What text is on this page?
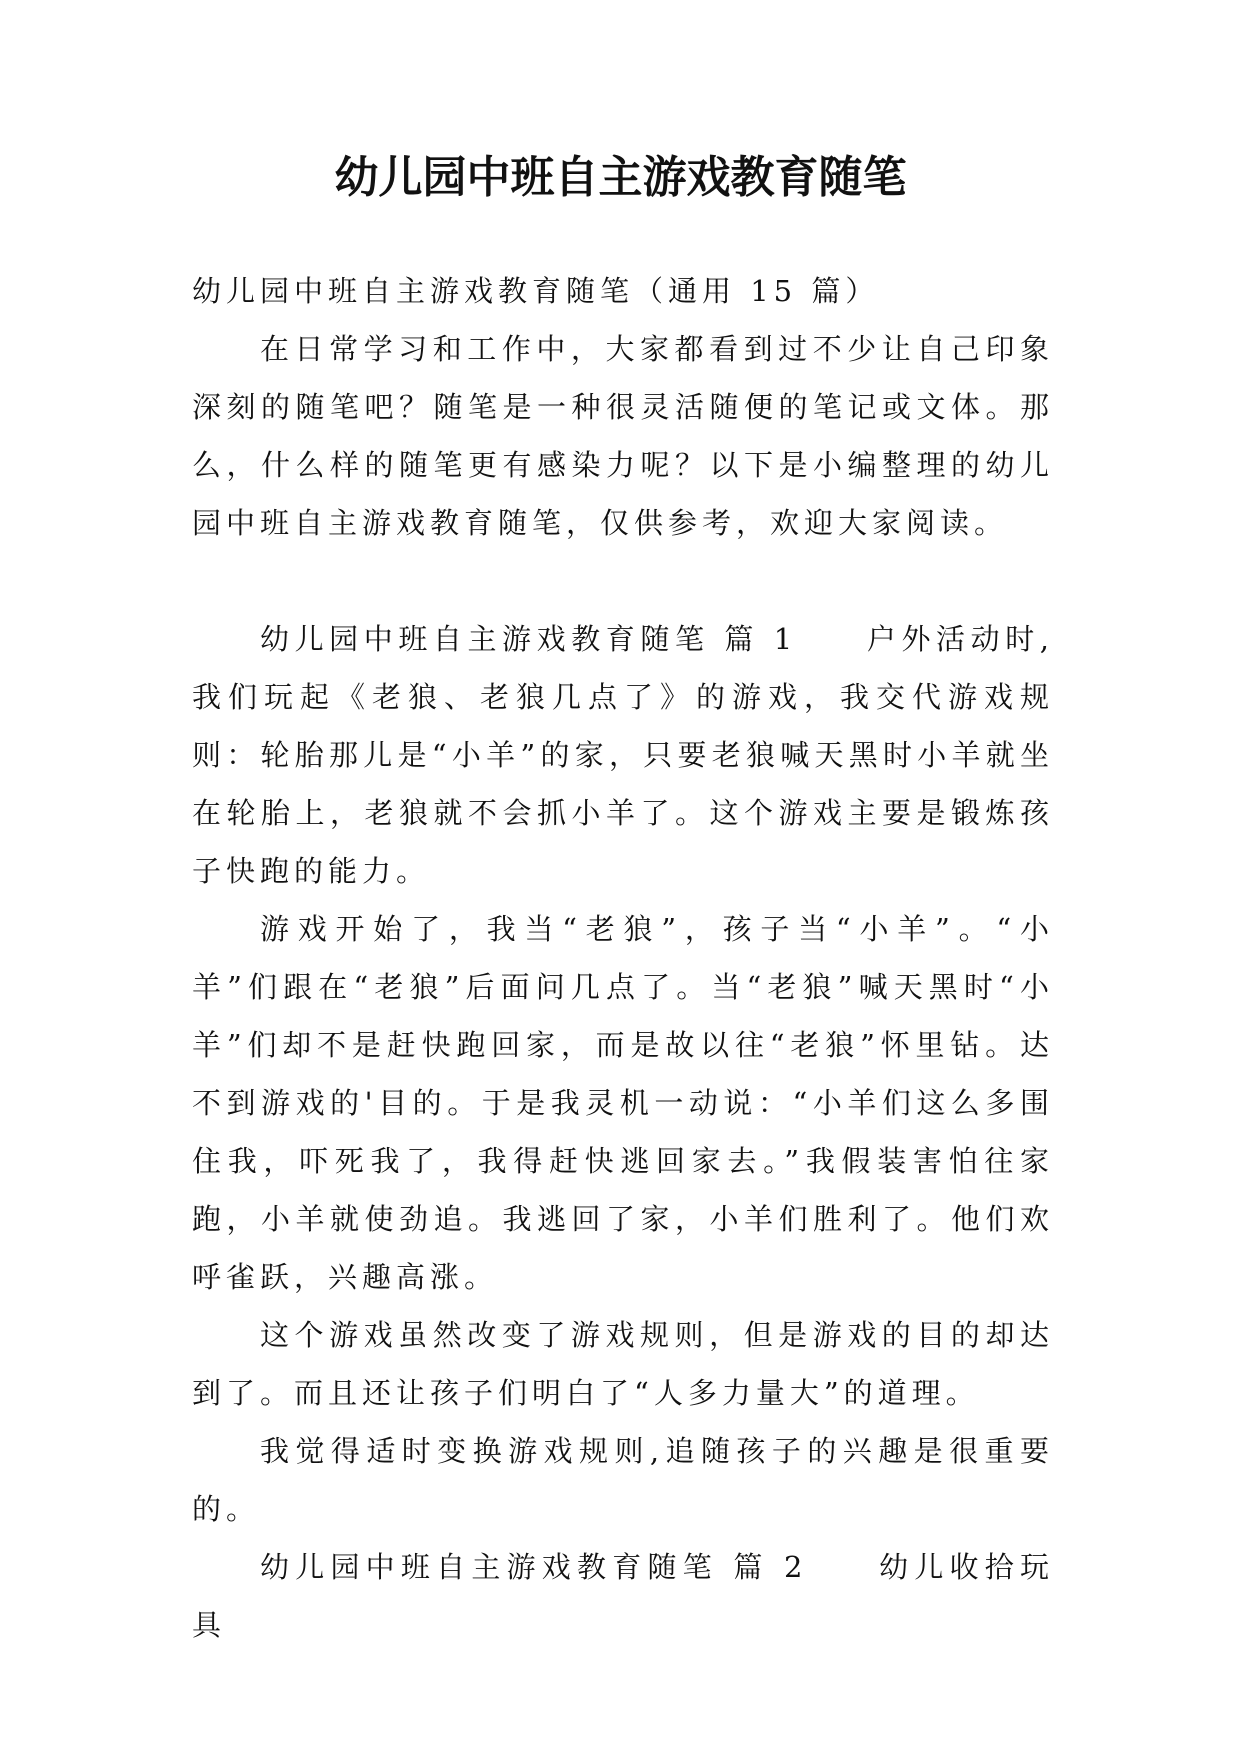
幼儿园中班自主游戏教育随笔

幼儿园中班自主游戏教育随笔（通用 15 篇）

在日常学习和工作中，大家都看到过不少让自己印象深刻的随笔吧？随笔是一种很灵活随便的笔记或文体。那么，什么样的随笔更有感染力呢？以下是小编整理的幼儿园中班自主游戏教育随笔，仅供参考，欢迎大家阅读。

幼儿园中班自主游戏教育随笔 篇 1　　户外活动时,我们玩起《老狼、老狼几点了》的游戏，我交代游戏规则：轮胎那儿是“小羊”的家，只要老狼喊天黑时小羊就坐在轮胎上，老狼就不会抓小羊了。这个游戏主要是锻炼孩子快跑的能力。

游戏开始了，我当“老狼”，孩子当“小羊”。“小羊”们跟在“老狼”后面问几点了。当“老狼”喊天黑时“小羊”们却不是赶快跑回家，而是故以往“老狼”怀里钻。达不到游戏的'目的。于是我灵机一动说：“小羊们这么多围住我，吓死我了，我得赶快逃回家去。”我假装害怕往家跑，小羊就使劲追。我逃回了家，小羊们胜利了。他们欢呼雀跃，兴趣高涨。

这个游戏虽然改变了游戏规则，但是游戏的目的却达到了。而且还让孩子们明白了“人多力量大”的道理。

我觉得适时变换游戏规则,追随孩子的兴趣是很重要的。

幼儿园中班自主游戏教育随笔 篇 2　　幼儿收拾玩具
